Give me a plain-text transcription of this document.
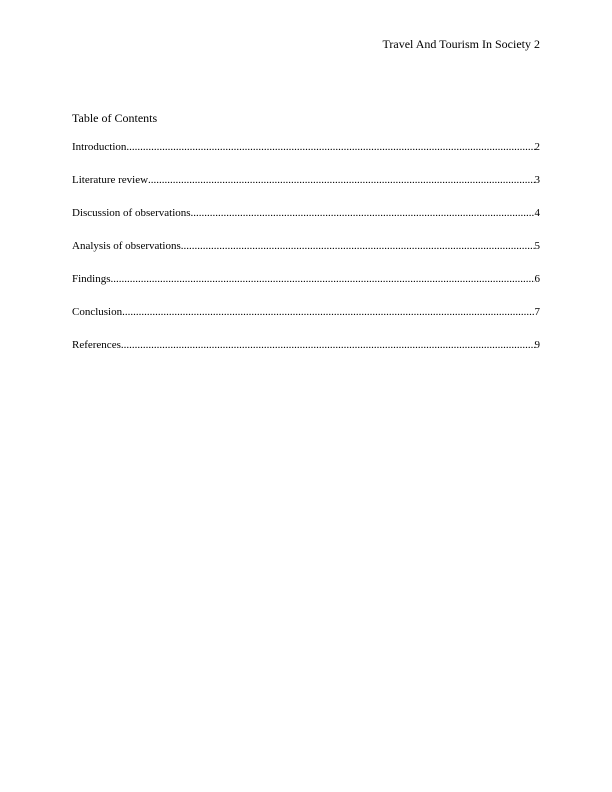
Travel And Tourism In Society 2
Table of Contents
Introduction .....	2
Literature review .....	3
Discussion of observations .....	4
Analysis of observations .....	5
Findings .....	6
Conclusion .....	7
References .....	9
